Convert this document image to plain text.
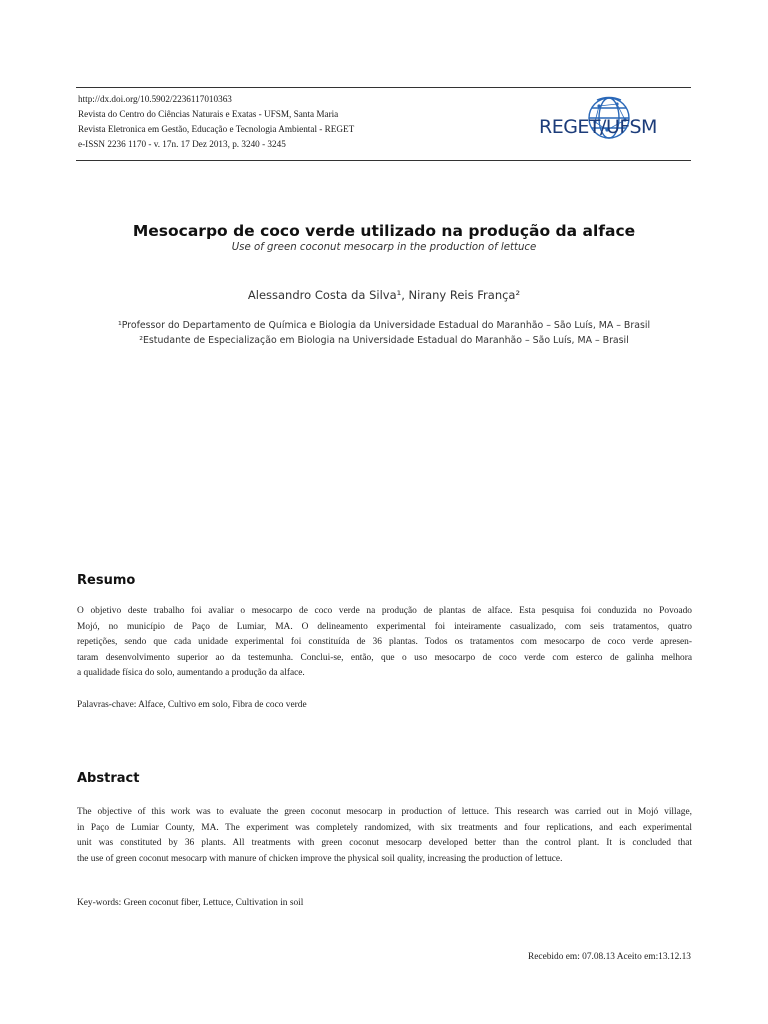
http://dx.doi.org/10.5902/2236117010363
Revista do Centro do Ciências Naturais e Exatas - UFSM, Santa Maria
Revista Eletronica em Gestão, Educação e Tecnologia Ambiental - REGET
e-ISSN 2236 1170 - v. 17n. 17 Dez 2013, p. 3240 - 3245
REGET/UFSM
Mesocarpo de coco verde utilizado na produção da alface
Use of green coconut mesocarp in the production of lettuce
Alessandro Costa da Silva¹, Nirany Reis França²
¹Professor do Departamento de Química e Biologia da Universidade Estadual do Maranhão – São Luís, MA – Brasil
²Estudante de Especialização em Biologia na Universidade Estadual do Maranhão – São Luís, MA – Brasil
Resumo
O objetivo deste trabalho foi avaliar o mesocarpo de coco verde na produção de plantas de alface. Esta pesquisa foi conduzida no Povoado
Mojó, no município de Paço de Lumiar, MA. O delineamento experimental foi inteiramente casualizado, com seis tratamentos, quatro
repetições, sendo que cada unidade experimental foi constituída de 36 plantas. Todos os tratamentos com mesocarpo de coco verde apresen-
taram desenvolvimento superior ao da testemunha. Conclui-se, então, que o uso mesocarpo de coco verde com esterco de galinha melhora
a qualidade física do solo, aumentando a produção da alface.
Palavras-chave: Alface, Cultivo em solo, Fibra de coco verde
Abstract
The objective of this work was to evaluate the green coconut mesocarp in production of lettuce. This research was carried out in Mojó village,
in Paço de Lumiar County, MA. The experiment was completely randomized, with six treatments and four replications, and each experimental
unit was constituted by 36 plants. All treatments with green coconut mesocarp developed better than the control plant. It is concluded that
the use of green coconut mesocarp with manure of chicken improve the physical soil quality, increasing the production of lettuce.
Key-words: Green coconut fiber, Lettuce, Cultivation in soil
Recebido em: 07.08.13 Aceito em:13.12.13
